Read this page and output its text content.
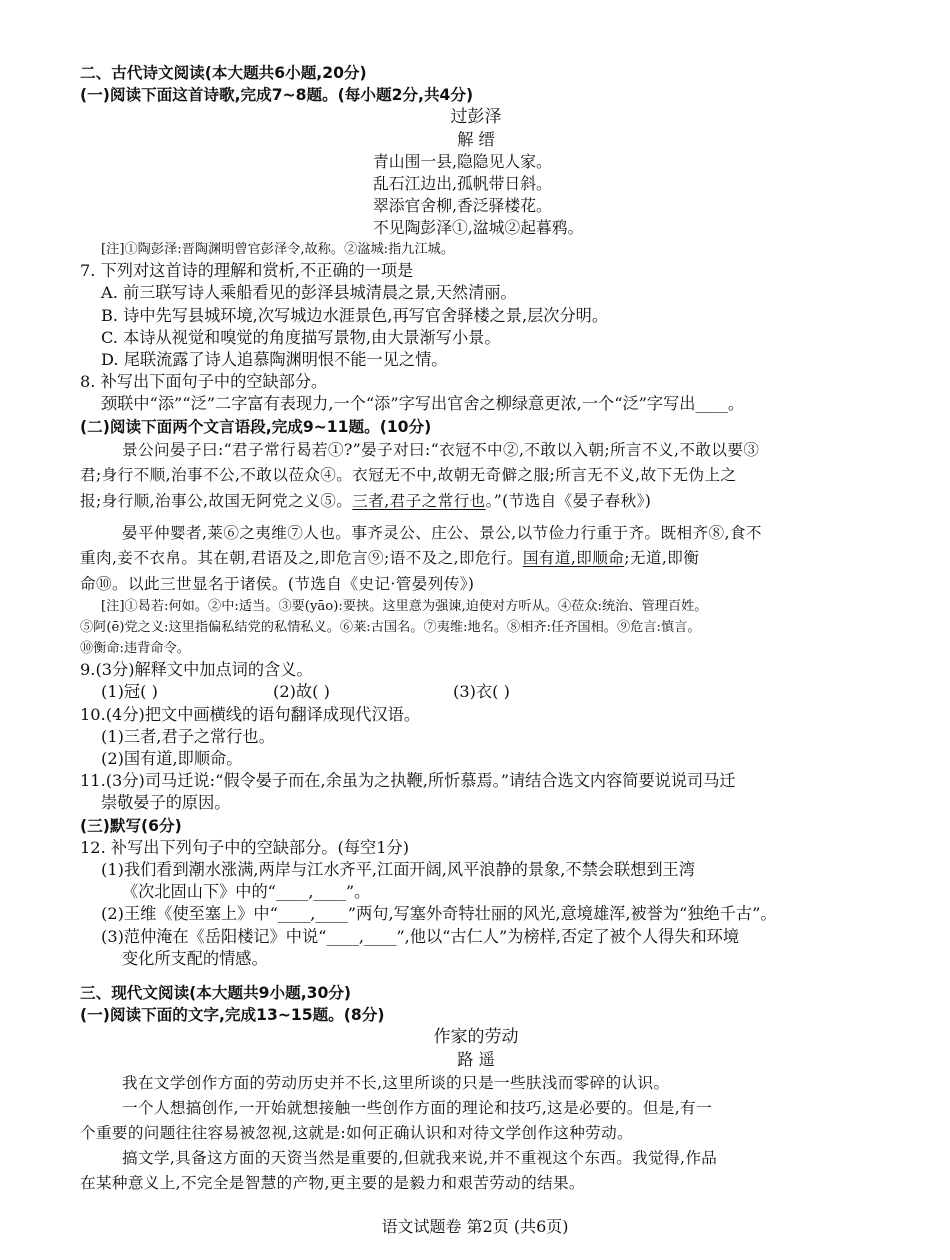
二、古代诗文阅读(本大题共6小题,20分)
(一)阅读下面这首诗歌,完成7~8题。(每小题2分,共4分)
过彭泽
解 缙
青山围一县,隐隐见人家。
乱石江边出,孤帆带日斜。
翠添官舍柳,香泛驿楼花。
不见陶彭泽①,湓城②起暮鸦。
[注]①陶彭泽:晋陶渊明曾官彭泽令,故称。②湓城:指九江城。
7. 下列对这首诗的理解和赏析,不正确的一项是
A. 前三联写诗人乘船看见的彭泽县城清晨之景,天然清丽。
B. 诗中先写县城环境,次写城边水涯景色,再写官舍驿楼之景,层次分明。
C. 本诗从视觉和嗅觉的角度描写景物,由大景渐写小景。
D. 尾联流露了诗人追慕陶渊明恨不能一见之情。
8. 补写出下面句子中的空缺部分。
颈联中“添”“泛”二字富有表现力,一个“添”字写出官舍之柳绿意更浓,一个“泛”字写出____。
(二)阅读下面两个文言语段,完成9~11题。(10分)
景公问晏子曰:“君子常行曷若①?”晏子对曰:“衣冠不中②,不敢以入朝;所言不义,不敢以要③
君;身行不顺,治事不公,不敢以莅众④。衣冠无不中,故朝无奇僻之服;所言无不义,故下无伪上之
报;身行顺,治事公,故国无阿党之义⑤。三者,君子之常行也。”(节选自《晏子春秋》)
晏平仲婴者,莱⑥之夷维⑦人也。事齐灵公、庄公、景公,以节俭力行重于齐。既相齐⑧,食不
重肉,妾不衣帛。其在朝,君语及之,即危言⑨;语不及之,即危行。国有道,即顺命;无道,即衡
命⑩。以此三世显名于诸侯。(节选自《史记·管晏列传》)
[注]①曷若:何如。②中:适当。③要(yāo):要挟。这里意为强谏,迫使对方听从。④莅众:统治、管理百姓。
⑤阿(ē)党之义:这里指偏私结党的私情私义。⑥莱:古国名。⑦夷维:地名。⑧相齐:任齐国相。⑨危言:慎言。
⑩衡命:违背命令。
9.(3分)解释文中加点词的含义。
(1)冠( )	(2)故( )	(3)衣( )
10.(4分)把文中画横线的语句翻译成现代汉语。
(1)三者,君子之常行也。
(2)国有道,即顺命。
11.(3分)司马迁说:“假令晏子而在,余虽为之执鞭,所忻慕焉。”请结合选文内容简要说说司马迁
崇敬晏子的原因。
(三)默写(6分)
12. 补写出下列句子中的空缺部分。(每空1分)
(1)我们看到潮水涨满,两岸与江水齐平,江面开阔,风平浪静的景象,不禁会联想到王湾
《次北固山下》中的“____,____”。
(2)王维《使至塞上》中“____,____”两句,写塞外奇特壮丽的风光,意境雄浑,被誉为“独绝千古”。
(3)范仲淹在《岳阳楼记》中说“____,____”,他以“古仁人”为榜样,否定了被个人得失和环境
变化所支配的情感。
三、现代文阅读(本大题共9小题,30分)
(一)阅读下面的文字,完成13~15题。(8分)
作家的劳动
路 遥
我在文学创作方面的劳动历史并不长,这里所谈的只是一些肤浅而零碎的认识。
一个人想搞创作,一开始就想接触一些创作方面的理论和技巧,这是必要的。但是,有一
个重要的问题往往容易被忽视,这就是:如何正确认识和对待文学创作这种劳动。
搞文学,具备这方面的天资当然是重要的,但就我来说,并不重视这个东西。我觉得,作品
在某种意义上,不完全是智慧的产物,更主要的是毅力和艰苦劳动的结果。
语文试题卷 第2页 (共6页)
